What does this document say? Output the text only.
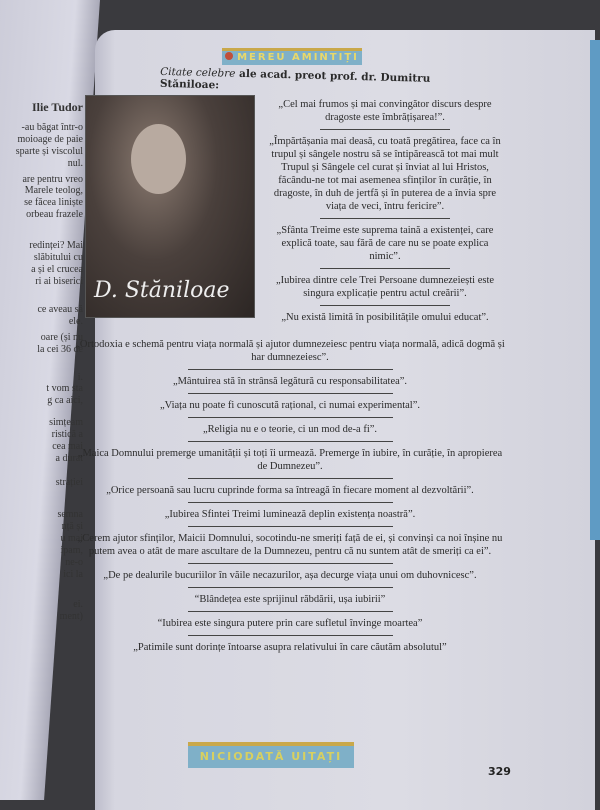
Ilie Tudor
-au băgat într-o
moioage de paie
sparte și viscolul
nul.
are pentru vreo
Marele teolog,
se făcea liniște
orbeau frazele
redinței? Mai
slăbitului cu
a și el crucea
ri ai biserici
ce aveau să
ele.
oare (și nu
la cei 36 de
i.
t vom sta
g ca aici,
simțeam
ristică a
cea mai
a durat
strației
semna
nță și
u mai
ipam,
ne-o
ici la
ei.
ment)
MEREU AMINTIȚI
Citate celebre ale acad. preot prof. dr. Dumitru Stăniloae:
D. Stăniloae
„Cel mai frumos și mai convingător discurs despre dragoste este îmbrățișarea!”.
„Împărtășania mai deasă, cu toată pregătirea, face ca în trupul și sângele nostru să se întipărească tot mai mult Trupul și Sângele cel curat și înviat al lui Hristos, făcându-ne tot mai asemenea sfinților în curăție, în dragoste, în duh de jertfă și în puterea de a învia spre viața de veci, întru fericire”.
„Sfânta Treime este suprema taină a existenței, care explică toate, sau fără de care nu se poate explica nimic”.
„Iubirea dintre cele Trei Persoane dumnezeiești este singura explicație pentru actul creării”.
„Nu există limită în posibilitățile omului educat”.
„Ortodoxia e schemă pentru viața normală și ajutor dumnezeiesc pentru viața normală, adică dogmă și har dumnezeiesc”.
„Mântuirea stă în strânsă legătură cu responsabilitatea”.
„Viața nu poate fi cunoscută rațional, ci numai experimental”.
„Religia nu e o teorie, ci un mod de-a fi”.
„Maica Domnului premerge umanității și toți îi urmează. Premerge în iubire, în curăție, în apropierea de Dumnezeu”.
„Orice persoană sau lucru cuprinde forma sa întreagă în fiecare moment al dezvoltării”.
„Iubirea Sfintei Treimi luminează deplin existența noastră”.
„Cerem ajutor sfinților, Maicii Domnului, socotindu-ne smeriți față de ei, și convinși ca noi înșine nu putem avea o atât de mare ascultare de la Dumnezeu, pentru că nu suntem atât de smeriți ca ei”.
„De pe dealurile bucuriilor în văile necazurilor, așa decurge viața unui om duhovnicesc”.
“Blândețea este sprijinul răbdării, ușa iubirii”
“Iubirea este singura putere prin care sufletul învinge moartea”
„Patimile sunt dorințe întoarse asupra relativului în care căutăm absolutul”
NICIODATĂ UITAȚI
329
